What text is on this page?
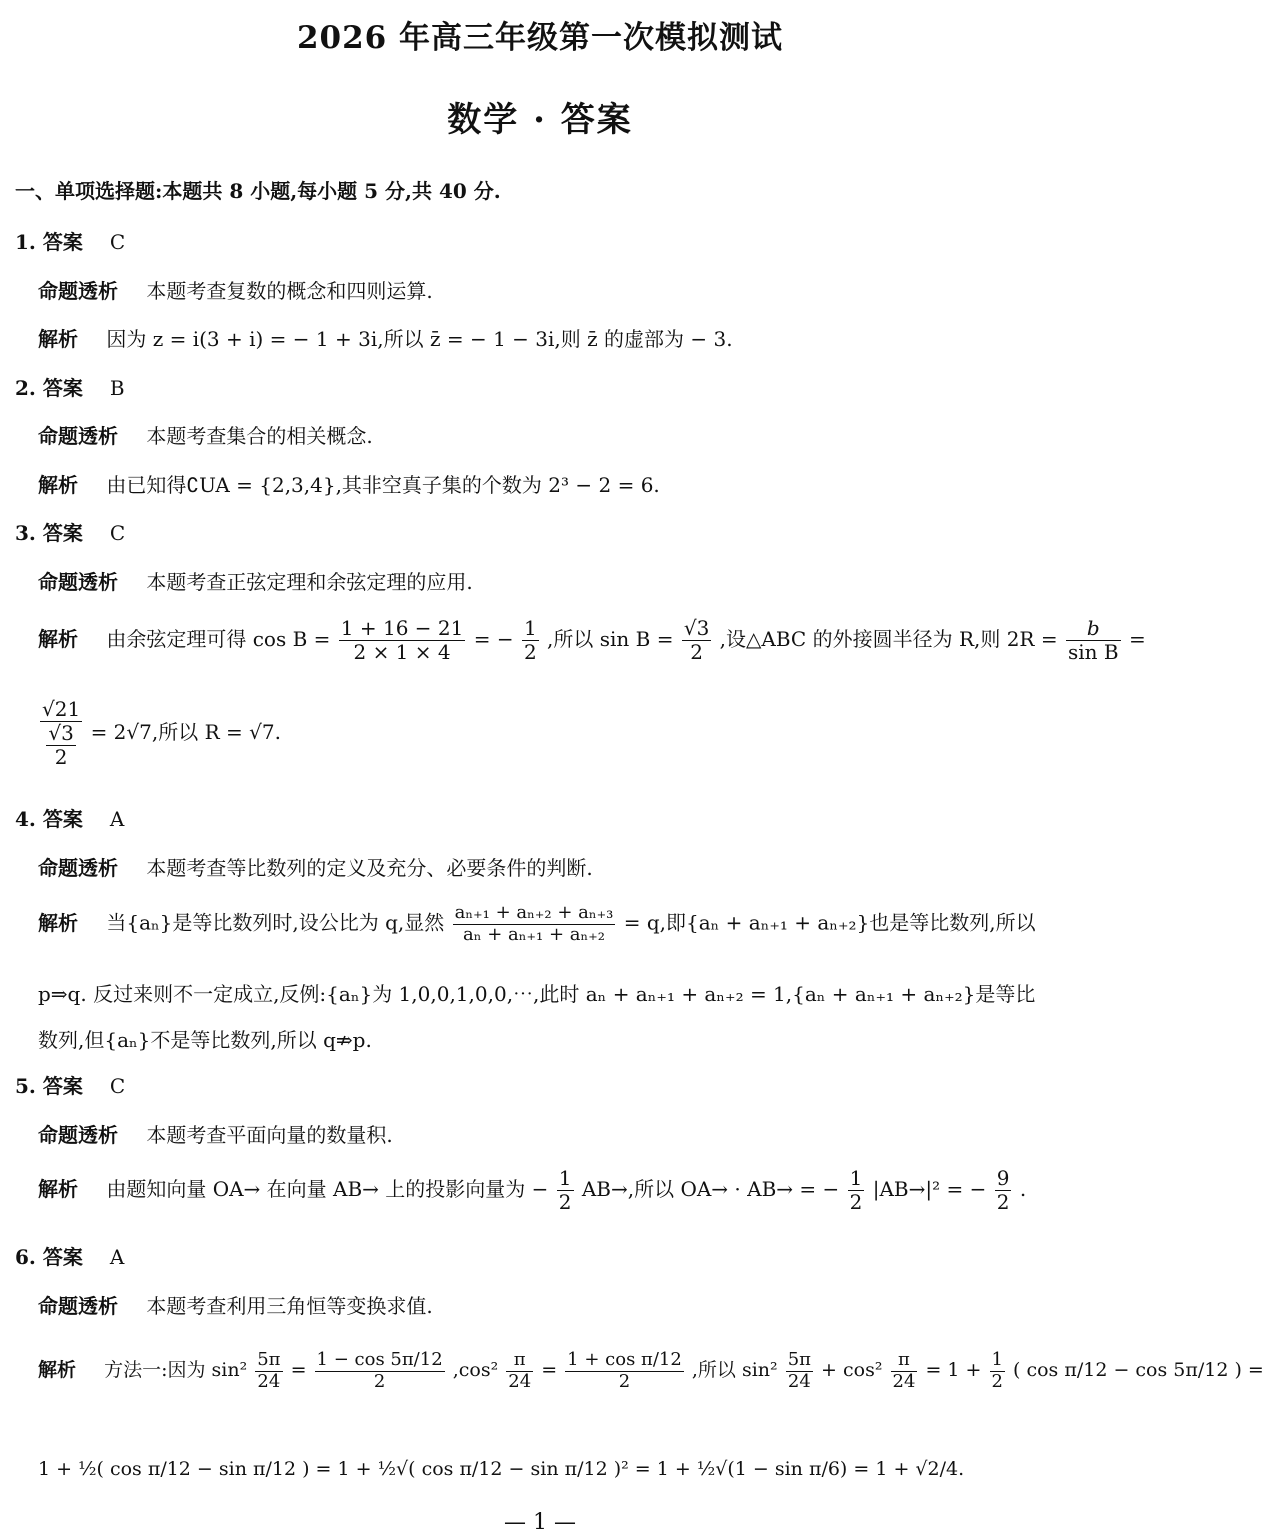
2026 年高三年级第一次模拟测试
数学 · 答案
一、单项选择题:本题共 8 小题,每小题 5 分,共 40 分.
1. 答案 C
命题透析 本题考查复数的概念和四则运算.
解析 因为 z = i(3 + i) = − 1 + 3i,所以 z̄ = − 1 − 3i,则 z̄ 的虚部为 − 3.
2. 答案 B
命题透析 本题考查集合的相关概念.
解析 由已知得∁UA = {2,3,4},其非空真子集的个数为 2³ − 2 = 6.
3. 答案 C
命题透析 本题考查正弦定理和余弦定理的应用.
解析 由余弦定理可得 $\cos B = \frac{1 + 16 - 21}{2 \times 1 \times 4}$ = − $\frac{1}{2}$ ,所以 $\sin B = \frac{√3}{2}$ ,设△ABC 的外接圆半径为 R,则 $2R = \frac{b}{\text{sin B}}$ =
$\frac{√21}{\frac{√3}{2}} = 2√7$,所以 R = √7.
4. 答案 A
命题透析 本题考查等比数列的定义及充分、必要条件的判断.
解析 当{aₙ}是等比数列时,设公比为 q,显然 $\frac{\text{aₙ₊₁ + aₙ₊₂ + aₙ₊₃}}{\text{aₙ + aₙ₊₁ + aₙ₊₂}} = q$,即{aₙ + aₙ₊₁ + aₙ₊₂}也是等比数列,所以
p⇒q. 反过来则不一定成立,反例:{aₙ}为 1,0,0,1,0,0,⋯,此时 aₙ + aₙ₊₁ + aₙ₊₂ = 1,{aₙ + aₙ₊₁ + aₙ₊₂}是等比
数列,但{aₙ}不是等比数列,所以 q⇏p.
5. 答案 C
命题透析 本题考查平面向量的数量积.
解析 由题知向量 OA→ 在向量 AB→ 上的投影向量为 − $\frac{1}{2} AB\to$,所以 OA→ · AB→ = − $\frac{1}{2} |AB\to|^2$ = − $\frac{9}{2}$ .
6. 答案 A
命题透析 本题考查利用三角恒等变换求值.
解析 方法一:因为 $\sin^2 \frac{5\pi}{24} = \frac{1 - \cos 5\pi/12}{2} ,\cos^2 \frac{\pi}{24} = \frac{\text{1 + cos π/12}}{2}$ ,所以 $\sin^2 \frac{5\pi}{24} + \cos^2 \frac{\pi}{24} = 1 + \frac{1}{2}$ ( cos π/12 − cos 5π/12 ) =
1 + ½( cos π/12 − sin π/12 ) = 1 + ½√( cos π/12 − sin π/12 )² = 1 + ½√(1 − sin π/6) = 1 + √2/4.
— 1 —
